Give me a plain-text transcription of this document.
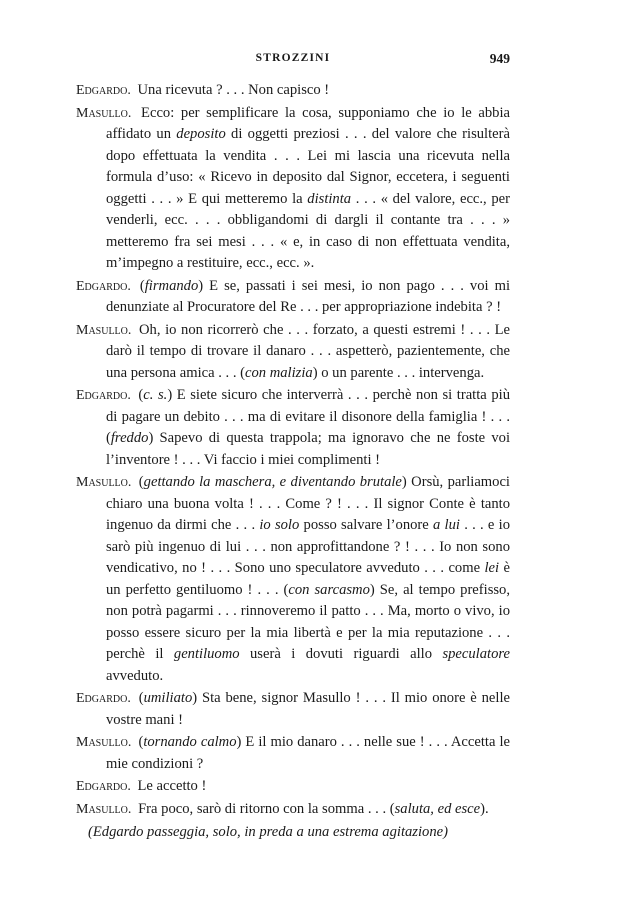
STROZZINI	949

Edgardo. Una ricevuta ? . . . Non capisco !

Masullo. Ecco: per semplificare la cosa, supponiamo che io le abbia affidato un deposito di oggetti preziosi . . . del valore che risulterà dopo effettuata la vendita . . . Lei mi lascia una ricevuta nella formula d’uso: « Ricevo in deposito dal Signor, eccetera, i seguenti oggetti . . . » E qui metteremo la distinta . . . « del valore, ecc., per venderli, ecc. . . . obbligandomi di dargli il contante tra . . . » metteremo fra sei mesi . . . « e, in caso di non effettuata vendita, m’impegno a restituire, ecc., ecc. ».

Edgardo. (firmando) E se, passati i sei mesi, io non pago . . . voi mi denunziate al Procuratore del Re . . . per appropriazione indebita ? !

Masullo. Oh, io non ricorrerò che . . . forzato, a questi estremi ! . . . Le darò il tempo di trovare il danaro . . . aspetterò, pazientemente, che una persona amica . . . (con malizia) o un parente . . . intervenga.

Edgardo. (c. s.) E siete sicuro che interverrà . . . perchè non si tratta più di pagare un debito . . . ma di evitare il disonore della famiglia ! . . . (freddo) Sapevo di questa trappola; ma ignoravo che ne foste voi l’inventore ! . . . Vi faccio i miei complimenti !

Masullo. (gettando la maschera, e diventando brutale) Orsù, parliamoci chiaro una buona volta ! . . . Come ? ! . . . Il signor Conte è tanto ingenuo da dirmi che . . . io solo posso salvare l’onore a lui . . . e io sarò più ingenuo di lui . . . non approfittandone ? ! . . . Io non sono vendicativo, no ! . . . Sono uno speculatore avveduto . . . come lei è un perfetto gentiluomo ! . . . (con sarcasmo) Se, al tempo prefisso, non potrà pagarmi . . . rinnoveremo il patto . . . Ma, morto o vivo, io posso essere sicuro per la mia libertà e per la mia reputazione . . . perchè il gentiluomo userà i dovuti riguardi allo speculatore avveduto.

Edgardo. (umiliato) Sta bene, signor Masullo ! . . . Il mio onore è nelle vostre mani !

Masullo. (tornando calmo) E il mio danaro . . . nelle sue ! . . . Accetta le mie condizioni ?

Edgardo. Le accetto !

Masullo. Fra poco, sarò di ritorno con la somma . . . (saluta, ed esce).

(Edgardo passeggia, solo, in preda a una estrema agitazione)
